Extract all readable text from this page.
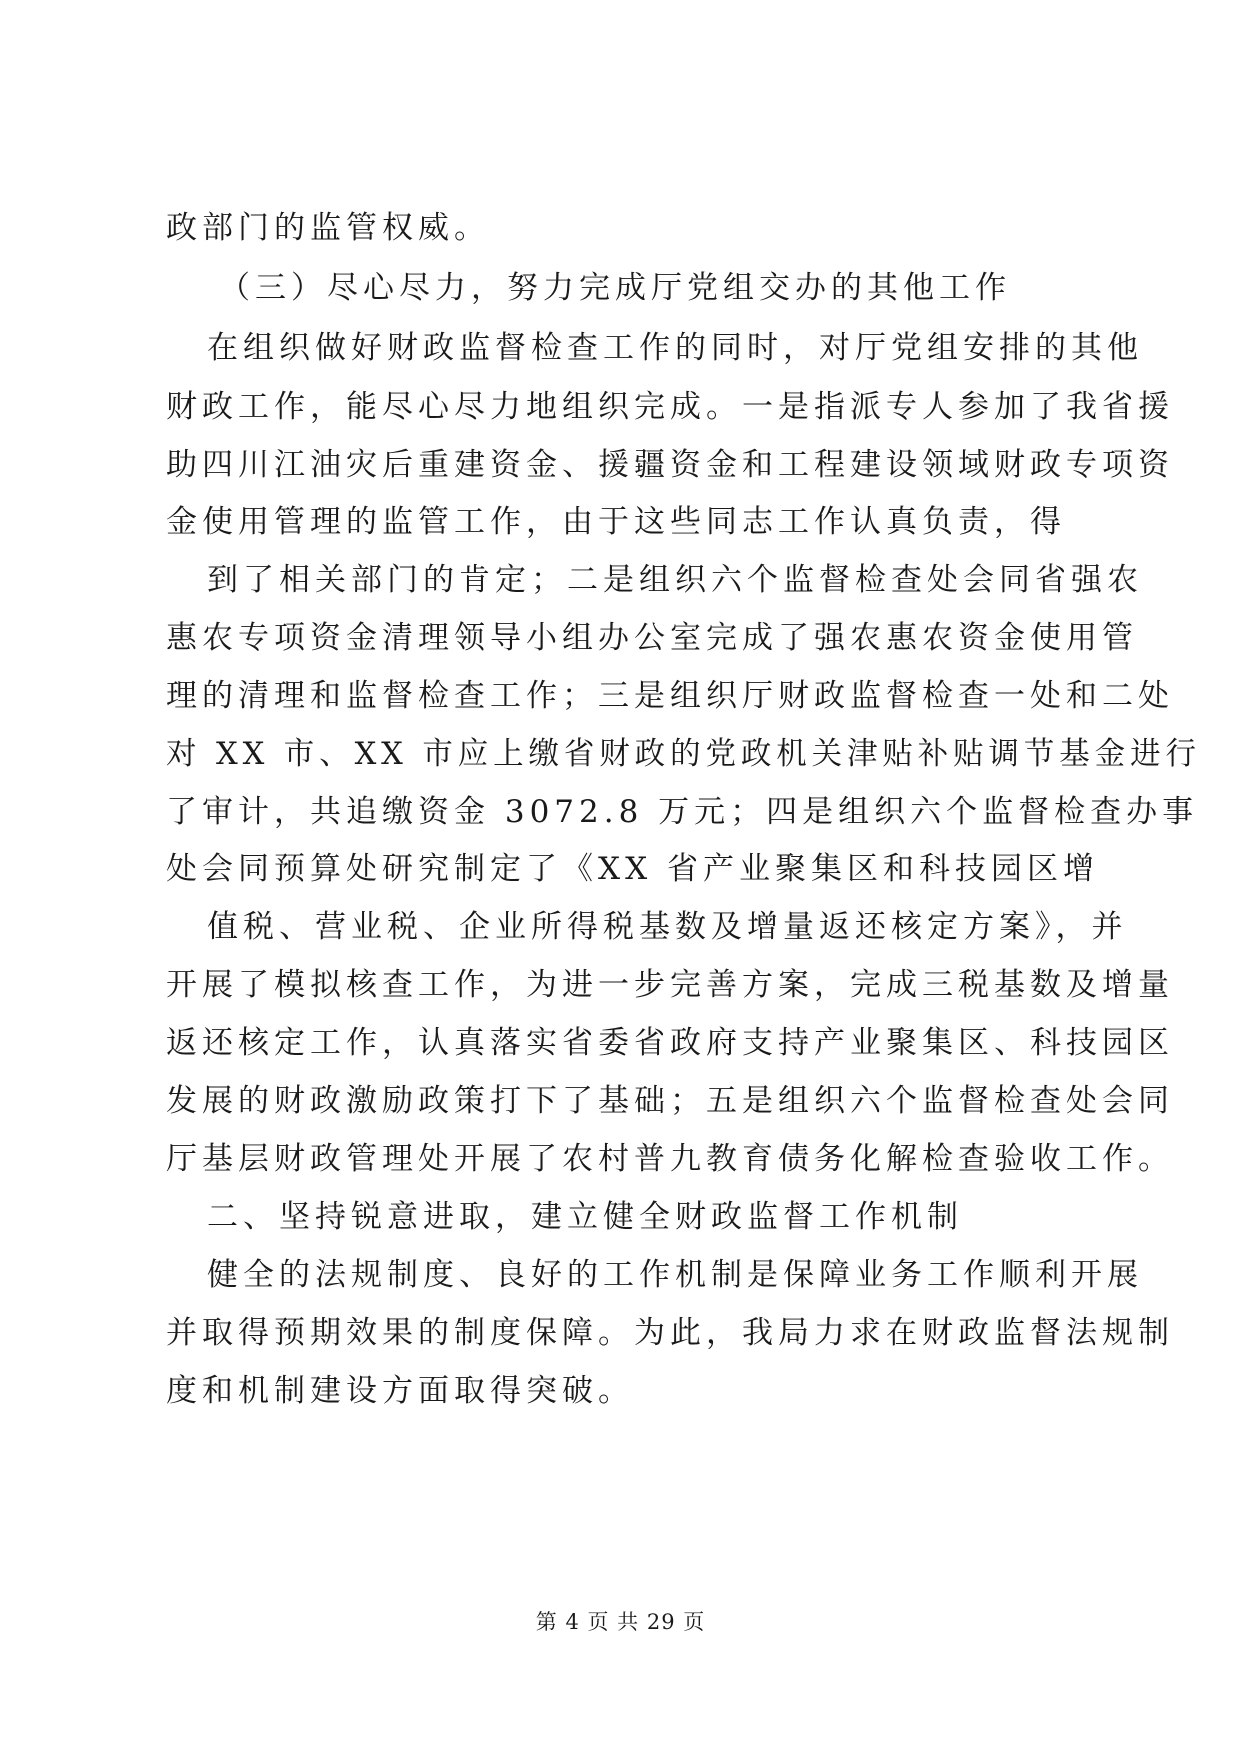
政部门的监管权威。
（三）尽心尽力，努力完成厅党组交办的其他工作
在组织做好财政监督检查工作的同时，对厅党组安排的其他
财政工作，能尽心尽力地组织完成。一是指派专人参加了我省援
助四川江油灾后重建资金、援疆资金和工程建设领域财政专项资
金使用管理的监管工作，由于这些同志工作认真负责，得
到了相关部门的肯定；二是组织六个监督检查处会同省强农
惠农专项资金清理领导小组办公室完成了强农惠农资金使用管
理的清理和监督检查工作；三是组织厅财政监督检查一处和二处
对 XX 市、XX 市应上缴省财政的党政机关津贴补贴调节基金进行
了审计，共追缴资金 3072.8 万元；四是组织六个监督检查办事
处会同预算处研究制定了《XX 省产业聚集区和科技园区增
值税、营业税、企业所得税基数及增量返还核定方案》，并
开展了模拟核查工作，为进一步完善方案，完成三税基数及增量
返还核定工作，认真落实省委省政府支持产业聚集区、科技园区
发展的财政激励政策打下了基础；五是组织六个监督检查处会同
厅基层财政管理处开展了农村普九教育债务化解检查验收工作。
二、坚持锐意进取，建立健全财政监督工作机制
健全的法规制度、良好的工作机制是保障业务工作顺利开展
并取得预期效果的制度保障。为此，我局力求在财政监督法规制
度和机制建设方面取得突破。
第 4 页 共 29 页
